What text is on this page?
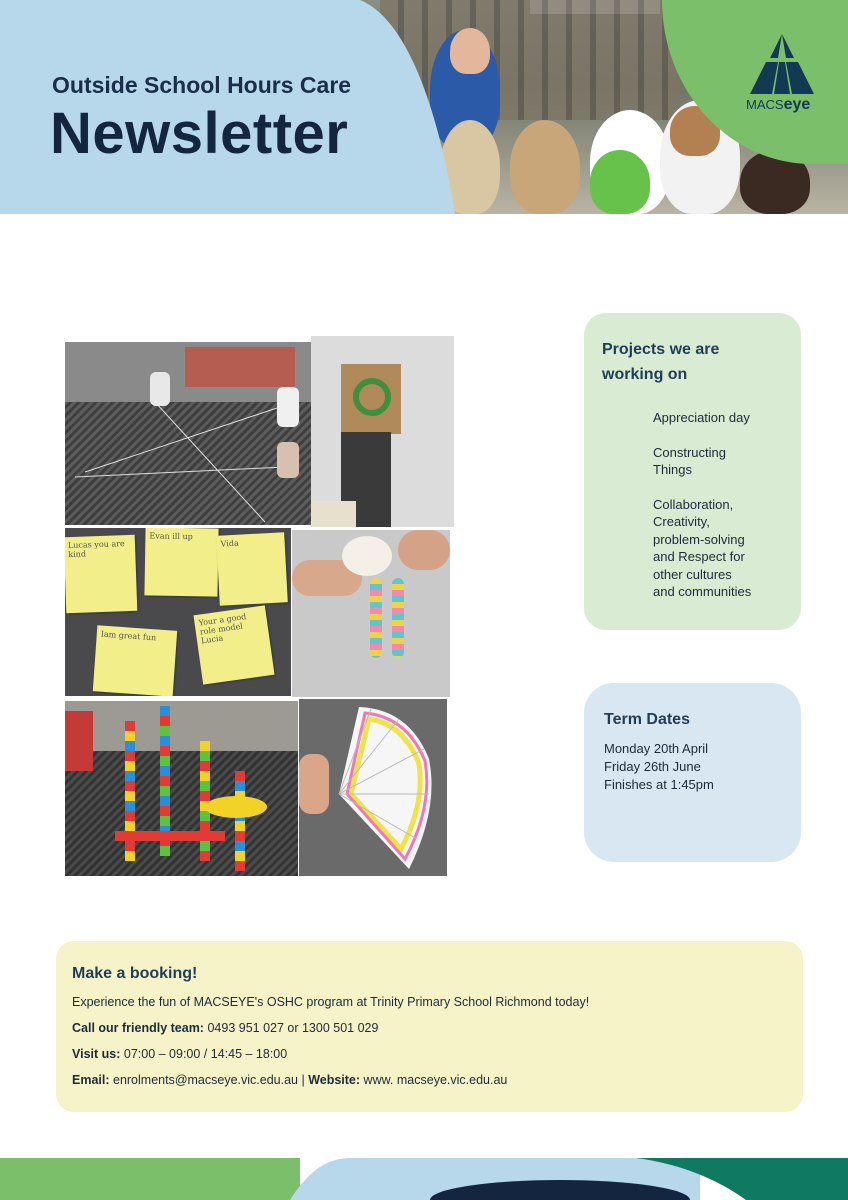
Outside School Hours Care
Newsletter	MACSeye
Lucas you are kind
Evan ill up
Vida
Iam great fun
Your a good role model Lucia
Projects we are working on
Appreciation day
Constructing
Things
Collaboration,
Creativity,
problem-solving
and Respect for
other cultures
and communities
Term Dates
Monday 20th April
Friday 26th June
Finishes at 1:45pm
Make a booking!
Experience the fun of MACSEYE's OSHC program at Trinity Primary School Richmond today!
Call our friendly team: 0493 951 027 or 1300 501 029
Visit us: 07:00 – 09:00 / 14:45 – 18:00
Email: enrolments@macseye.vic.edu.au | Website: www. macseye.vic.edu.au
